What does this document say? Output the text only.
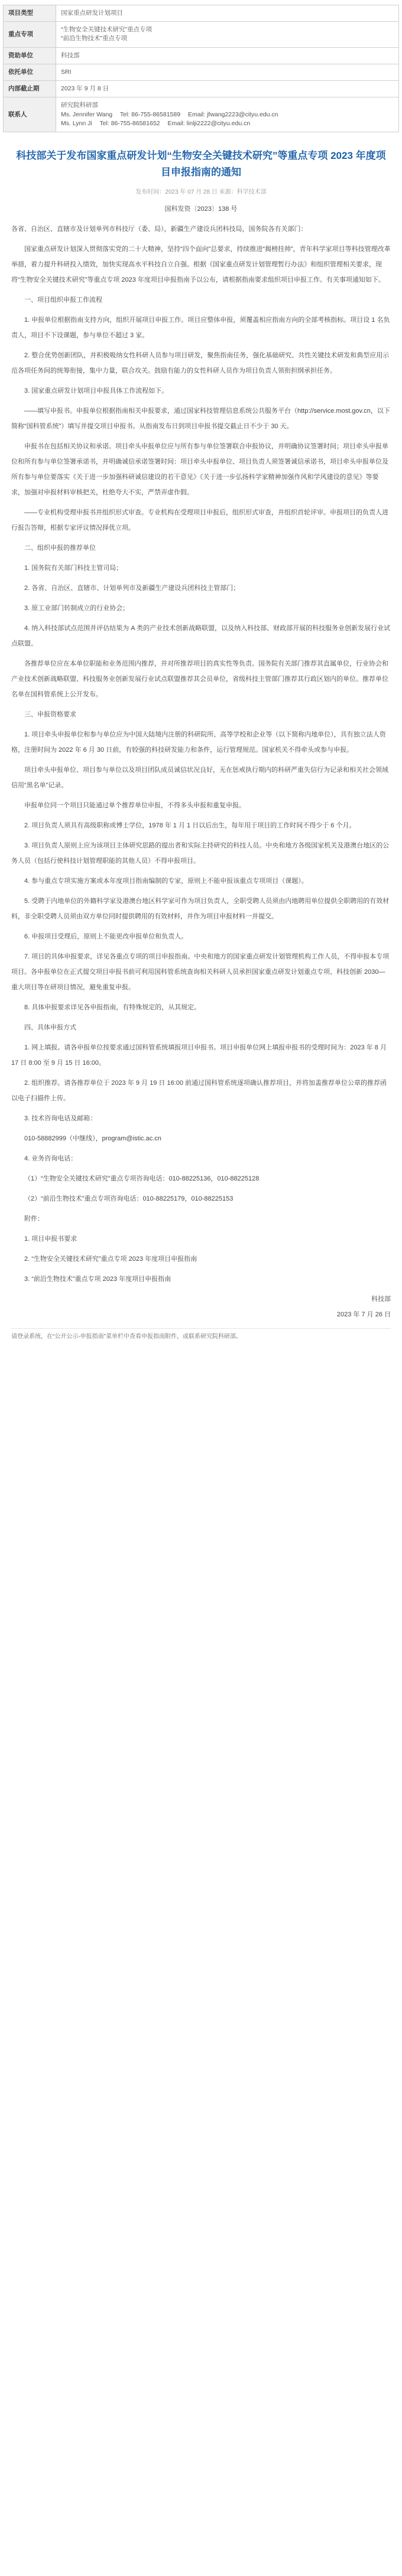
项目类型	国家重点研发计划项目
重点专项	“生物安全关键技术研究”重点专项
“前沿生物技术”重点专项

资助单位	科技部
依托单位	SRI
内部截止期	2023 年 9 月 8 日
联系人	研究院科研部
Ms. Jennifer Wang Tel: 86-755-86581589 Email: jfwang2223@cityu.edu.cn
Ms. Lynn Ji Tel: 86-755-86581652 Email: linlji2222@cityu.edu.cn
科技部关于发布国家重点研发计划“生物安全关键技术研究”等重点专项 2023 年度项目申报指南的通知
发布时间：2023 年 07 月 28 日 来源：科学技术部
国科发资〔2023〕138 号

各省、自治区、直辖市及计划单列市科技厅（委、局），新疆生产建设兵团科技局，国务院各有关部门：

国家重点研发计划深入贯彻落实党的二十大精神，坚持“四个面向”总要求，持续推进“揭榜挂帅”，青年科学家项目等科技管理改革举措，着力提升科研投入绩效，加快实现高水平科技自立自强。根据《国家重点研发计划管理暂行办法》和组织管理相关要求，现将“生物安全关键技术研究”等重点专项 2023 年度项目申报指南予以公布，请根据指南要求组织项目申报工作。有关事项通知如下。

一、项目组织申报工作流程

1. 申报单位根据指南支持方向，组织开展项目申报工作。项目应整体申报，须覆盖相应指南方向的全部考核指标。项目设 1 名负责人，项目不下设课题，参与单位不超过 3 家。

2. 整合优势创新团队，并积极吸纳女性科研人员参与项目研发，聚焦指南任务，强化基础研究、共性关键技术研发和典型应用示范各项任务间的统筹衔接，集中力量，联合攻关。鼓励有能力的女性科研人员作为项目负责人领衔担纲承担任务。

3. 国家重点研发计划项目申报具体工作流程如下。

——填写申报书。申报单位根据指南相关申报要求，通过国家科技管理信息系统公共服务平台（http://service.most.gov.cn，以下简称“国科管系统”）填写并提交项目申报书。从指南发布日到项目申报书提交截止日不少于 30 天。

申报书在包括相关协议和承诺。项目牵头申报单位应与所有参与单位签署联合申报协议，并明确协议签署时间；项目牵头申报单位和所有参与单位签署承诺书，并明确诚信承诺签署时间：项目牵头申报单位、项目负责人须签署诚信承诺书，项目牵头申报单位及所有参与单位要落实《关于进一步加强科研诚信建设的若干意见》《关于进一步弘扬科学家精神加强作风和学风建设的意见》等要求，加强对申报材料审核把关，杜绝夸大不实，严禁弄虚作假。

——专业机构受理申报书并组织形式审查。专业机构在受理项目申报后，组织形式审查，并组织首轮评审。申报项目的负责人进行报告答辩，根据专家评议情况择优立项。

二、组织申报的推荐单位

1. 国务院有关部门科技主管司局；

2. 各省、自治区、直辖市、计划单列市及新疆生产建设兵团科技主管部门；

3. 原工业部门转制成立的行业协会；

4. 纳入科技部试点范围并评估结果为 A 类的产业技术创新战略联盟，以及纳入科技部、财政部开展的科技服务业创新发展行业试点联盟。

各推荐单位应在本单位职能和业务范围内推荐，并对所推荐项目的真实性等负责。国务院有关部门推荐其直属单位，行业协会和产业技术创新战略联盟、科技服务业创新发展行业试点联盟推荐其会员单位，省级科技主管部门推荐其行政区划内的单位。推荐单位名单在国科管系统上公开发布。

三、申报资格要求

1. 项目牵头申报单位和参与单位应为中国大陆境内注册的科研院所、高等学校和企业等（以下简称内地单位），具有独立法人资格，注册时间为 2022 年 6 月 30 日前，有较强的科技研发能力和条件，运行管理规范。国家机关不得牵头或参与申报。

项目牵头申报单位、项目参与单位以及项目团队成员诚信状况良好，无在惩戒执行期内的科研严重失信行为记录和相关社会领域信用“黑名单”记录。

申报单位同一个项目只能通过单个推荐单位申报，不得多头申报和重复申报。

2. 项目负责人须具有高级职称或博士学位，1978 年 1 月 1 日以后出生，每年用于项目的工作时间不得少于 6 个月。

3. 项目负责人原则上应为该项目主体研究思路的提出者和实际主持研究的科技人员。中央和地方各级国家机关及港澳台地区的公务人员（包括行使科技计划管理职能的其他人员）不得申报项目。

4. 参与重点专项实施方案或本年度项目指南编制的专家，原则上不能申报该重点专项项目（课题）。

5. 受聘于内地单位的外籍科学家及港澳台地区科学家可作为项目负责人，全职受聘人员须由内地聘用单位提供全职聘用的有效材料，非全职受聘人员须由双方单位同时提供聘用的有效材料，并作为项目申报材料一并提交。

6. 申报项目受理后，原则上不能更改申报单位和负责人。

7. 项目的具体申报要求，详见各重点专项的项目申报指南。中央和地方的国家重点研发计划管理机构工作人员，不得申报本专项项目。各申报单位在正式提交项目申报书前可利用国科管系统查询相关科研人员承担国家重点研发计划重点专项、科技创新 2030—重大项目等在研项目情况，避免重复申报。

8. 具体申报要求详见各申报指南，有特殊规定的，从其规定。

四、具体申报方式

1. 网上填报。请各申报单位按要求通过国科管系统填报项目申报书。项目申报单位网上填报申报书的受理时间为：2023 年 8 月 17 日 8:00 至 9 月 15 日 16:00。

2. 组织推荐。请各推荐单位于 2023 年 9 月 19 日 16:00 前通过国科管系统逐项确认推荐项目，并将加盖推荐单位公章的推荐函以电子扫描件上传。

3. 技术咨询电话及邮箱：

010-58882999（中继线），program@istic.ac.cn

4. 业务咨询电话：

（1）“生物安全关键技术研究”重点专项咨询电话：010-88225136，010-88225128

（2）“前沿生物技术”重点专项咨询电话：010-88225179，010-88225153

附件：

1. 项目申报书要求

2. “生物安全关键技术研究”重点专项 2023 年度项目申报指南

3. “前沿生物技术”重点专项 2023 年度项目申报指南

科技部

2023 年 7 月 26 日

请登录系统，在“公开公示-申报指南”菜单栏中查看申报指南附件，或联系研究院科研部。
